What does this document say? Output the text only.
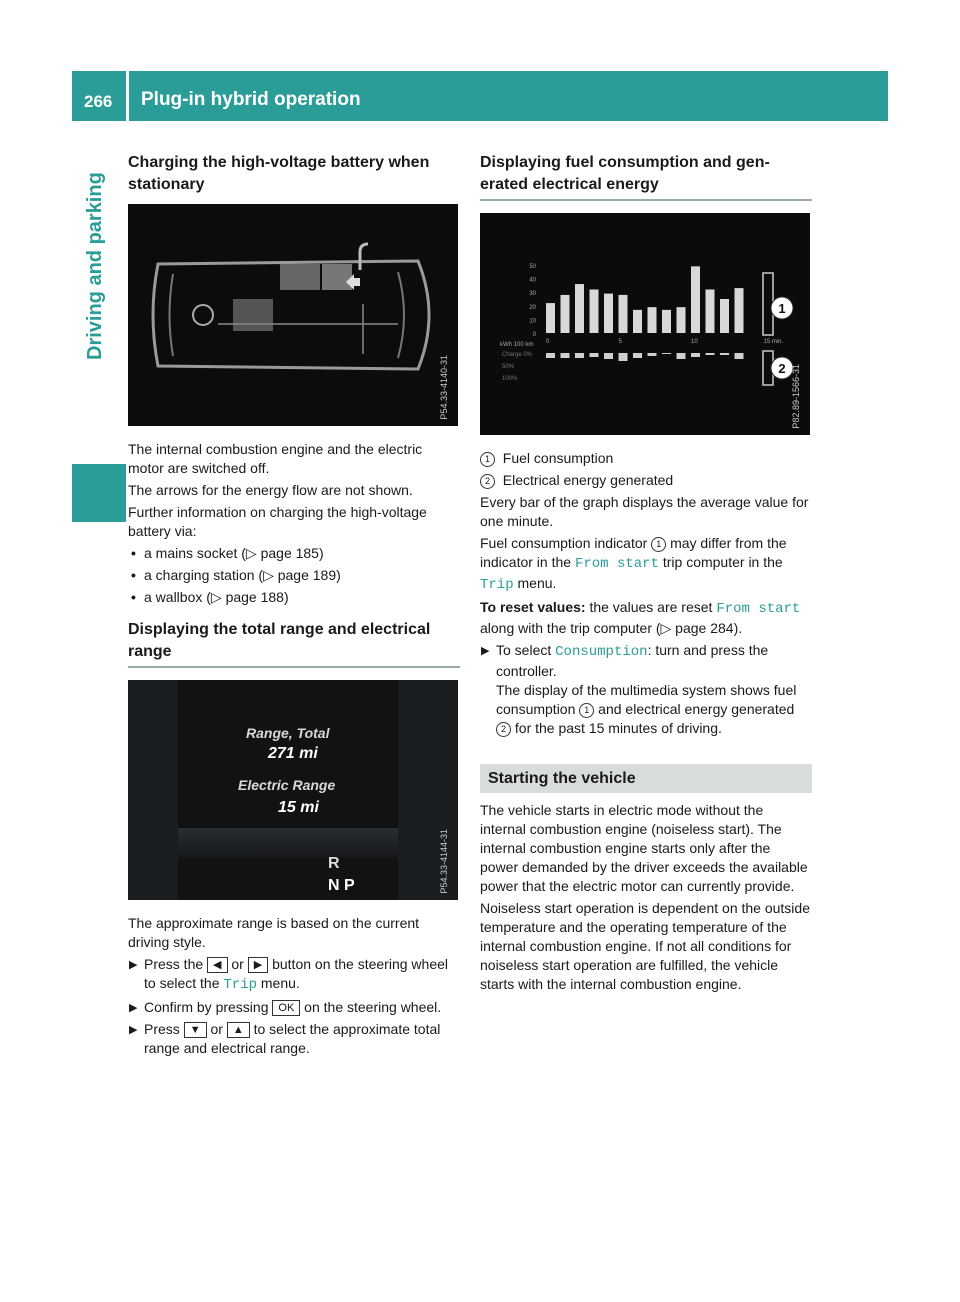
266 Plug-in hybrid operation
Driving and parking
Charging the high-voltage battery when stationary
P54.33-4140-31

The internal combustion engine and the electric motor are switched off.

The arrows for the energy flow are not shown.

Further information on charging the high-voltage battery via:

• a mains socket (▷ page 185)
• a charging station (▷ page 189)
• a wallbox (▷ page 188)
Displaying the total range and electrical range
Range, Total
271 mi
Electric Range
15 mi
R
N P	P54.33-4144-31

The approximate range is based on the current driving style.

▶ Press the ◀ or ▶ button on the steering wheel to select the Trip menu.
▶ Confirm by pressing OK on the steering wheel.
▶ Press ▼ or ▲ to select the approximate total range and electrical range.
Displaying fuel consumption and generated electrical energy
50
40
30
20
10
0
kWh 100 km
Charge 0%
50%
100%
0	5	10	15 min.
1
2 P82.89-1566-31
1 Fuel consumption
2 Electrical energy generated

Every bar of the graph displays the average value for one minute.

Fuel consumption indicator 1 may differ from the indicator in the From start trip computer in the Trip menu.

To reset values: the values are reset From start along with the trip computer (▷ page 284).

▶ To select Consumption: turn and press the controller.
The display of the multimedia system shows fuel consumption 1 and electrical energy generated 2 for the past 15 minutes of driving.
Starting the vehicle

The vehicle starts in electric mode without the internal combustion engine (noiseless start). The internal combustion engine starts only after the power demanded by the driver exceeds the available power that the electric motor can currently provide.

Noiseless start operation is dependent on the outside temperature and the operating temperature of the internal combustion engine. If not all conditions for noiseless start operation are fulfilled, the vehicle starts with the internal combustion engine.
